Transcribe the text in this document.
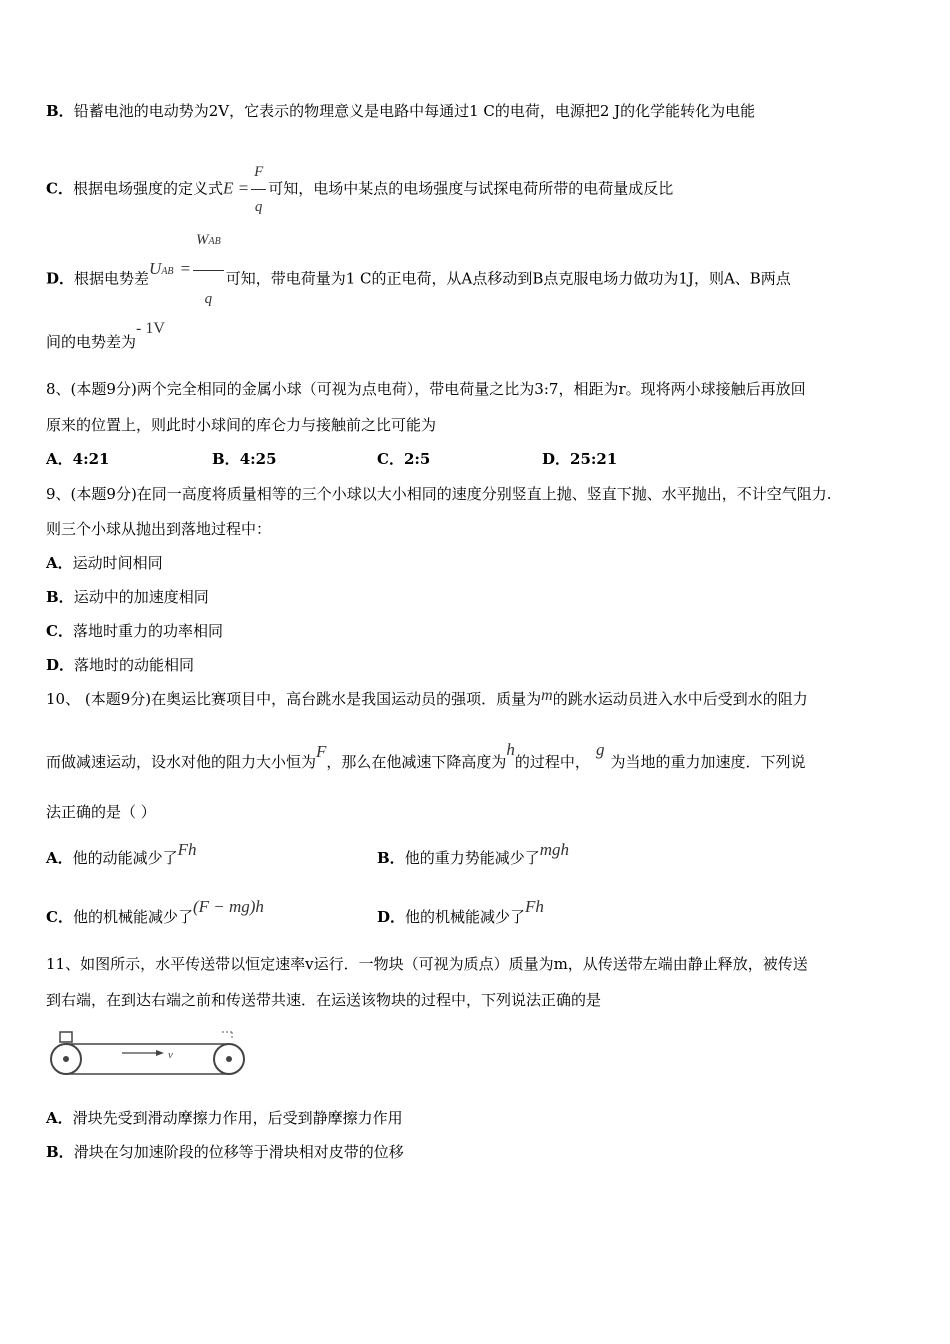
B．铅蓄电池的电动势为2V，它表示的物理意义是电路中每通过1 C的电荷，电源把2 J的化学能转化为电能
C．根据电场强度的定义式$E = \frac{F}{q}$ 可知，电场中某点的电场强度与试探电荷所带的电荷量成反比
D．根据电势差UAB = $\frac{\text{WAB}}{q}$ 可知，带电荷量为1 C的正电荷，从A点移动到B点克服电场力做功为1J，则A、B两点
间的电势差为- 1V
8、(本题9分)两个完全相同的金属小球（可视为点电荷），带电荷量之比为3:7，相距为r。现将两小球接触后再放回
原来的位置上，则此时小球间的库仑力与接触前之比可能为
A．4:21	B．4:25	C．2:5	D．25:21
9、(本题9分)在同一高度将质量相等的三个小球以大小相同的速度分别竖直上抛、竖直下抛、水平抛出，不计空气阻力.
则三个小球从抛出到落地过程中：
A．运动时间相同
B．运动中的加速度相同
C．落地时重力的功率相同
D．落地时的动能相同
10、 (本题9分)在奥运比赛项目中，高台跳水是我国运动员的强项．质量为m的跳水运动员进入水中后受到水的阻力
而做减速运动，设水对他的阻力大小恒为F，那么在他减速下降高度为h的过程中，g为当地的重力加速度．下列说
法正确的是（ ）
A．他的动能减少了Fh	B．他的重力势能减少了mgh
C．他的机械能减少了(F − mg)h
D．他的机械能减少了Fh
11、如图所示，水平传送带以恒定速率v运行．一物块（可视为质点）质量为m，从传送带左端由静止释放，被传送
到右端，在到达右端之前和传送带共速．在运送该物块的过程中，下列说法正确的是
v
A．滑块先受到滑动摩擦力作用，后受到静摩擦力作用
B．滑块在匀加速阶段的位移等于滑块相对皮带的位移
